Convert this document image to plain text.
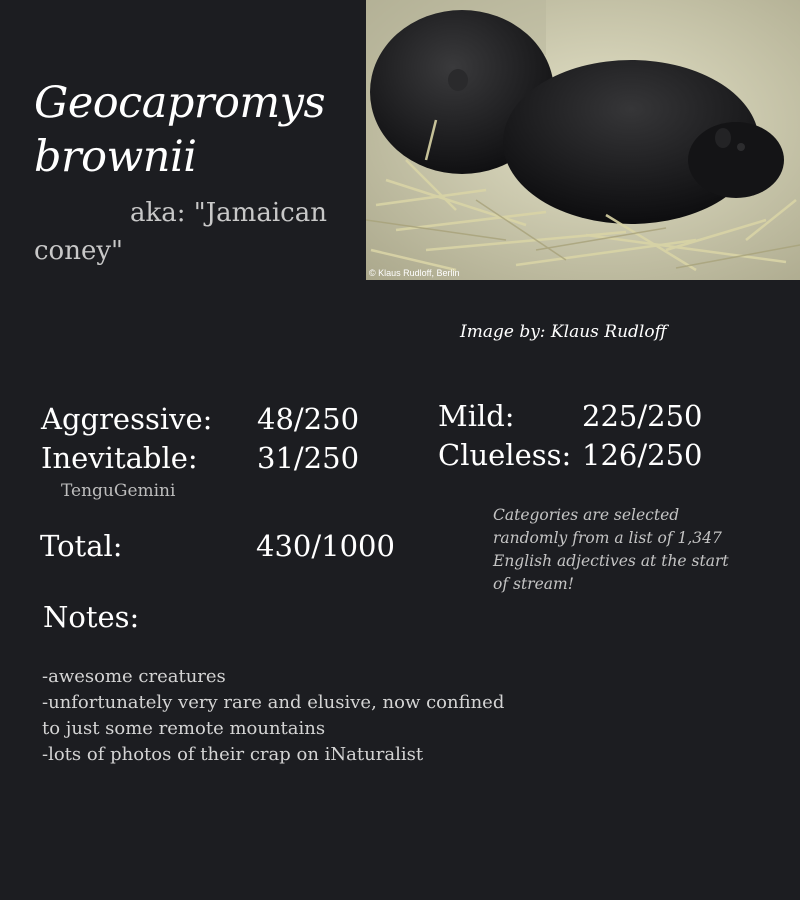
Geocapromys brownii
aka: "Jamaican coney"
© Klaus Rudloff, Berlin
Image by: Klaus Rudloff
Aggressive: 48/250
Inevitable: 31/250
Mild: 225/250
Clueless: 126/250
TenguGemini
Total:	430/1000
Categories are selected randomly from a list of 1,347 English adjectives at the start of stream!
Notes:
-awesome creatures
-unfortunately very rare and elusive, now confined to just some remote mountains
-lots of photos of their crap on iNaturalist
